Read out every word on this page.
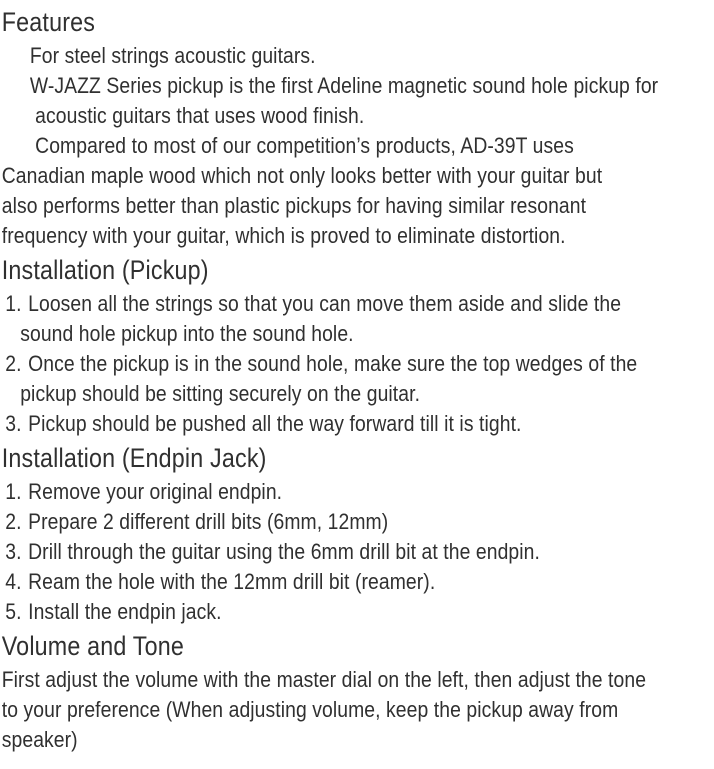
Features
For steel strings acoustic guitars.
W-JAZZ Series pickup is the first Adeline magnetic sound hole pickup for
acoustic guitars that uses wood finish.
Compared to most of our competition’s products, AD-39T uses
Canadian maple wood which not only looks better with your guitar but
also performs better than plastic pickups for having similar resonant
frequency with your guitar, which is proved to eliminate distortion.
Installation (Pickup)
1. Loosen all the strings so that you can move them aside and slide the
sound hole pickup into the sound hole.
2. Once the pickup is in the sound hole, make sure the top wedges of the
pickup should be sitting securely on the guitar.
3. Pickup should be pushed all the way forward till it is tight.
Installation (Endpin Jack)
1. Remove your original endpin.
2. Prepare 2 different drill bits (6mm, 12mm)
3. Drill through the guitar using the 6mm drill bit at the endpin.
4. Ream the hole with the 12mm drill bit (reamer).
5. Install the endpin jack.
Volume and Tone
First adjust the volume with the master dial on the left, then adjust the tone
to your preference (When adjusting volume, keep the pickup away from
speaker)
